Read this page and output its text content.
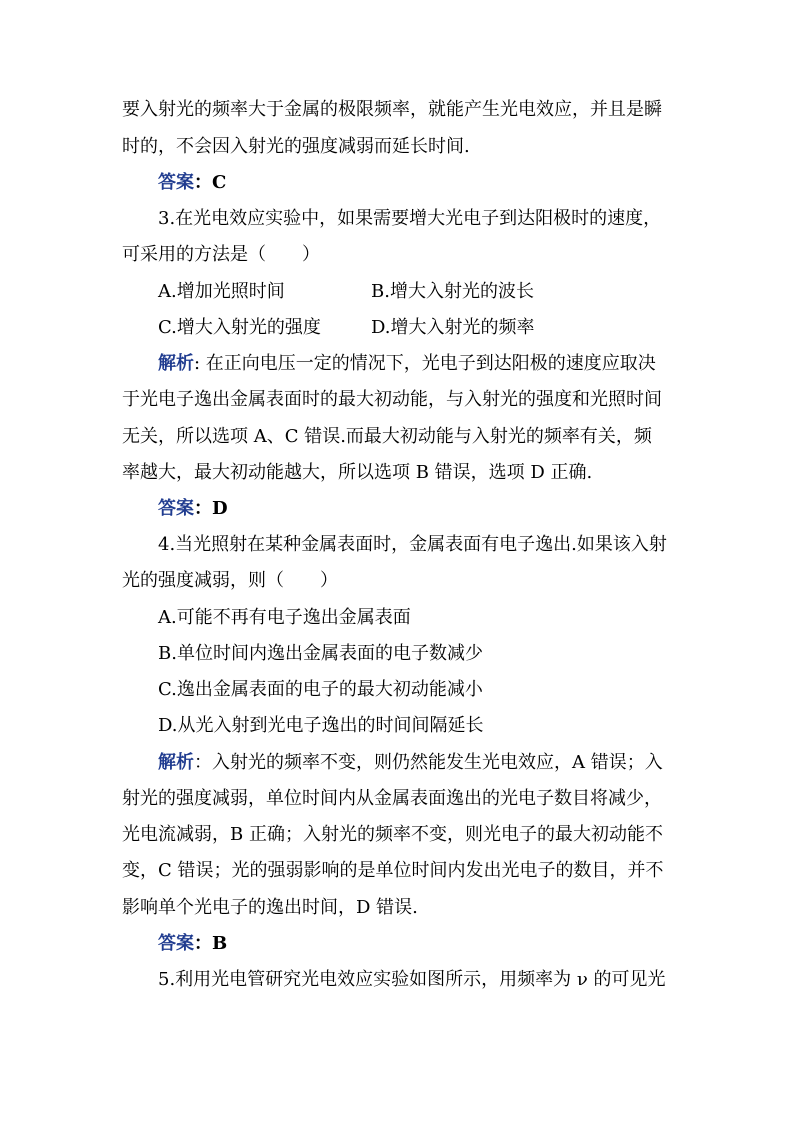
要入射光的频率大于金属的极限频率，就能产生光电效应，并且是瞬

时的，不会因入射光的强度减弱而延长时间.

答案：C

3.在光电效应实验中，如果需要增大光电子到达阳极时的速度，

可采用的方法是（　　）

A.增加光照时间	B.增大入射光的波长

C.增大入射光的强度	D.增大入射光的频率

解析: 在正向电压一定的情况下，光电子到达阳极的速度应取决

于光电子逸出金属表面时的最大初动能，与入射光的强度和光照时间

无关，所以选项 A、C 错误.而最大初动能与入射光的频率有关，频

率越大，最大初动能越大，所以选项 B 错误，选项 D 正确.

答案：D

4.当光照射在某种金属表面时，金属表面有电子逸出.如果该入射

光的强度减弱，则（　　）

A.可能不再有电子逸出金属表面

B.单位时间内逸出金属表面的电子数减少

C.逸出金属表面的电子的最大初动能减小

D.从光入射到光电子逸出的时间间隔延长

解析：入射光的频率不变，则仍然能发生光电效应，A 错误；入

射光的强度减弱，单位时间内从金属表面逸出的光电子数目将减少，

光电流减弱，B 正确；入射光的频率不变，则光电子的最大初动能不

变，C 错误；光的强弱影响的是单位时间内发出光电子的数目，并不

影响单个光电子的逸出时间，D 错误.

答案：B

5.利用光电管研究光电效应实验如图所示，用频率为 ν 的可见光
